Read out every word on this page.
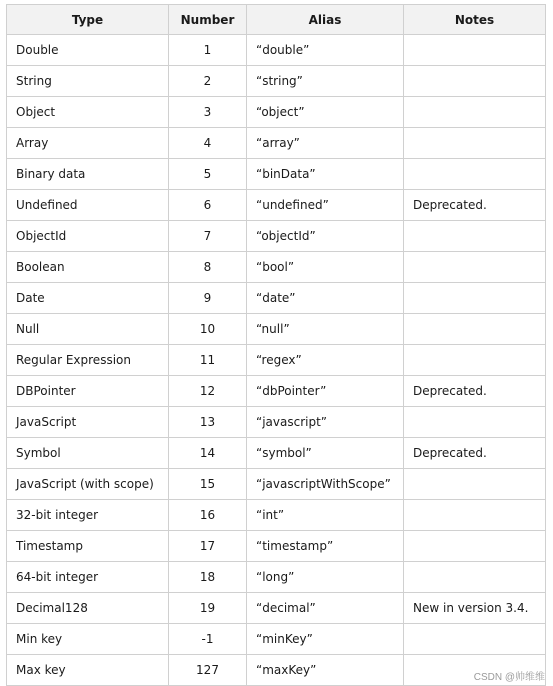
Type	Number	Alias	Notes
Double	1	“double”	
String	2	“string”	
Object	3	“object”	
Array	4	“array”	
Binary data	5	“binData”	
Undefined	6	“undefined”	Deprecated.
ObjectId	7	“objectId”	
Boolean	8	“bool”	
Date	9	“date”	
Null	10	“null”	
Regular Expression	11	“regex”	
DBPointer	12	“dbPointer”	Deprecated.
JavaScript	13	“javascript”	
Symbol	14	“symbol”	Deprecated.
JavaScript (with scope)	15	“javascriptWithScope”	
32-bit integer	16	“int”	
Timestamp	17	“timestamp”	
64-bit integer	18	“long”	
Decimal128	19	“decimal”	New in version 3.4.
Min key	-1	“minKey”	
Max key	127	“maxKey”	
CSDN @帅维维
